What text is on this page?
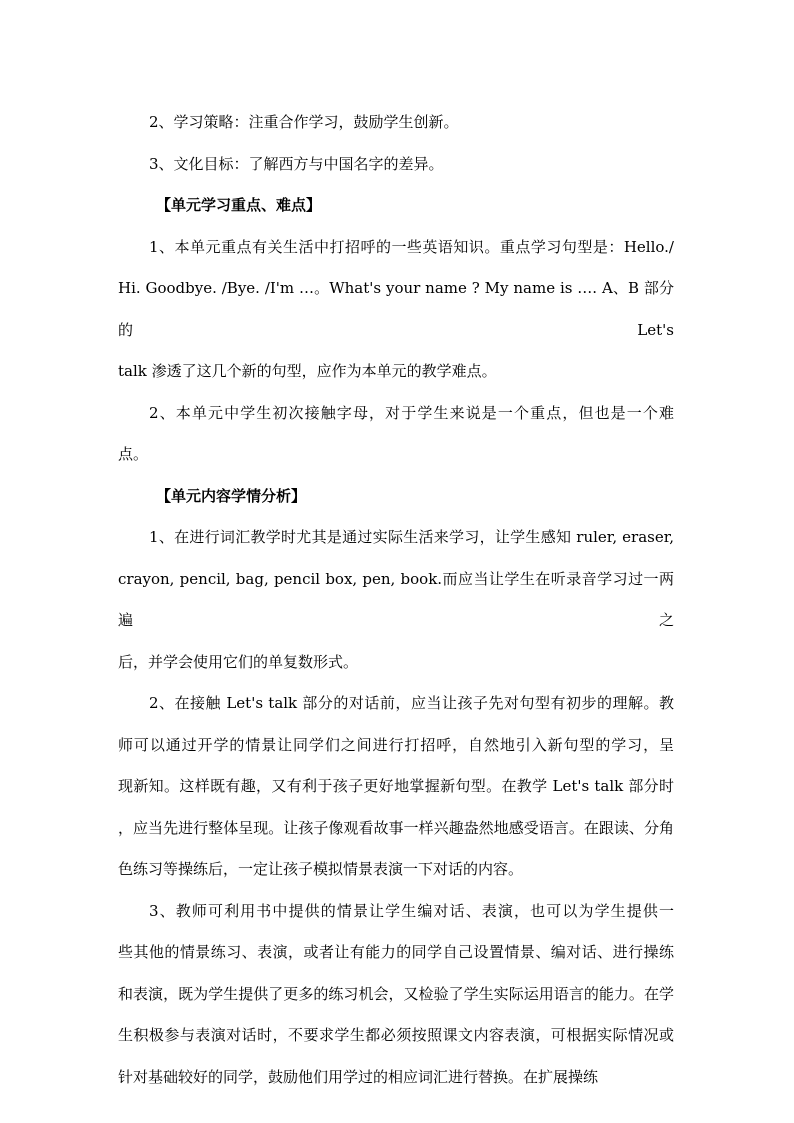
2、学习策略：注重合作学习，鼓励学生创新。

3、文化目标：了解西方与中国名字的差异。

【单元学习重点、难点】

1、本单元重点有关生活中打招呼的一些英语知识。重点学习句型是：Hello./

Hi. Goodbye. /Bye. /I'm …。What's your name ? My name is …. A、B 部分的 Let's

talk 渗透了这几个新的句型，应作为本单元的教学难点。

2、本单元中学生初次接触字母，对于学生来说是一个重点，但也是一个难

点。

【单元内容学情分析】

1、在进行词汇教学时尤其是通过实际生活来学习，让学生感知 ruler, eraser,

crayon, pencil, bag, pencil box, pen, book.而应当让学生在听录音学习过一两遍之

后，并学会使用它们的单复数形式。

2、在接触 Let's talk 部分的对话前，应当让孩子先对句型有初步的理解。教

师可以通过开学的情景让同学们之间进行打招呼，自然地引入新句型的学习，呈

现新知。这样既有趣，又有利于孩子更好地掌握新句型。在教学 Let's talk 部分时

，应当先进行整体呈现。让孩子像观看故事一样兴趣盎然地感受语言。在跟读、分角

色练习等操练后，一定让孩子模拟情景表演一下对话的内容。

3、教师可利用书中提供的情景让学生编对话、表演，也可以为学生提供一

些其他的情景练习、表演，或者让有能力的同学自己设置情景、编对话、进行操练

和表演，既为学生提供了更多的练习机会，又检验了学生实际运用语言的能力。在学

生积极参与表演对话时，不要求学生都必须按照课文内容表演，可根据实际情况或

针对基础较好的同学，鼓励他们用学过的相应词汇进行替换。在扩展操练
